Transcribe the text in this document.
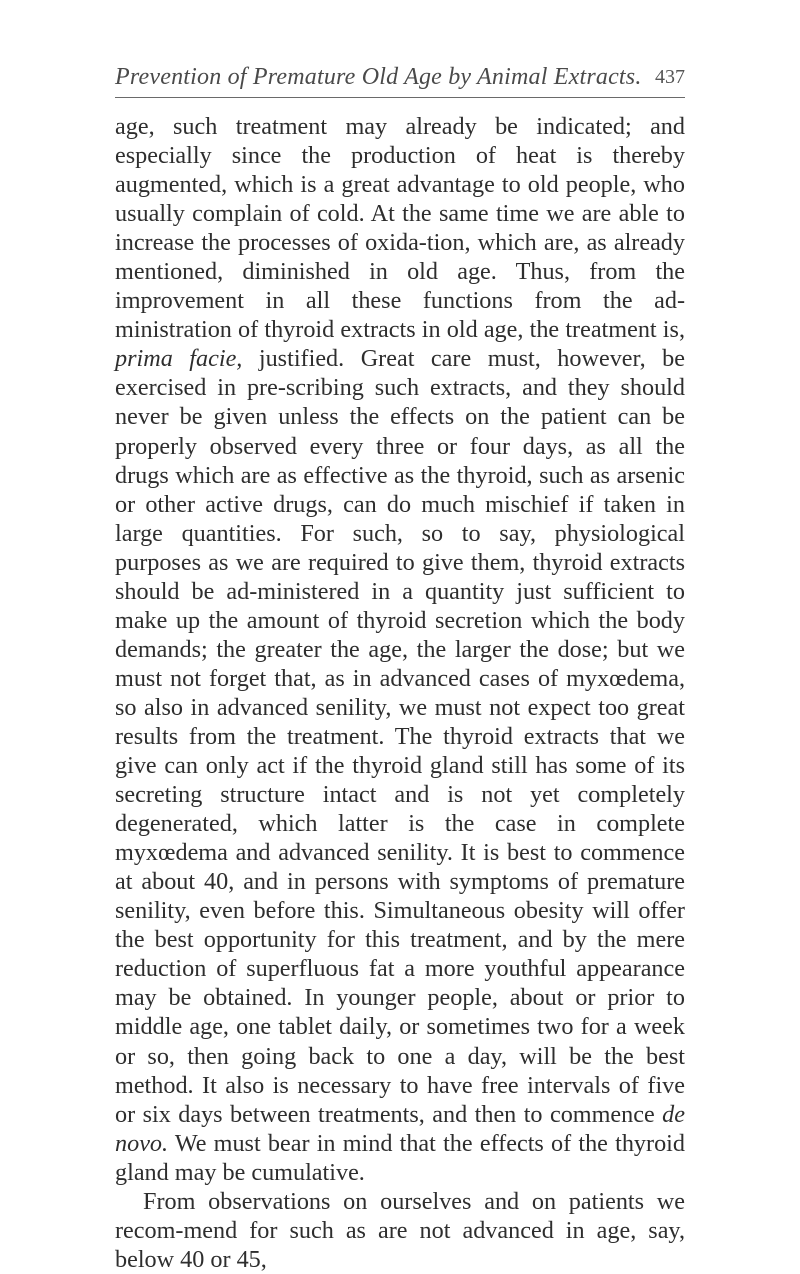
Prevention of Premature Old Age by Animal Extracts. 437

age, such treatment may already be indicated; and especially since the production of heat is thereby augmented, which is a great advantage to old people, who usually complain of cold. At the same time we are able to increase the processes of oxida-tion, which are, as already mentioned, diminished in old age. Thus, from the improvement in all these functions from the ad-ministration of thyroid extracts in old age, the treatment is, prima facie, justified. Great care must, however, be exercised in pre-scribing such extracts, and they should never be given unless the effects on the patient can be properly observed every three or four days, as all the drugs which are as effective as the thyroid, such as arsenic or other active drugs, can do much mischief if taken in large quantities. For such, so to say, physiological purposes as we are required to give them, thyroid extracts should be ad-ministered in a quantity just sufficient to make up the amount of thyroid secretion which the body demands; the greater the age, the larger the dose; but we must not forget that, as in advanced cases of myxœdema, so also in advanced senility, we must not expect too great results from the treatment. The thyroid extracts that we give can only act if the thyroid gland still has some of its secreting structure intact and is not yet completely degenerated, which latter is the case in complete myxœdema and advanced senility. It is best to commence at about 40, and in persons with symptoms of premature senility, even before this. Simultaneous obesity will offer the best opportunity for this treatment, and by the mere reduction of superfluous fat a more youthful appearance may be obtained. In younger people, about or prior to middle age, one tablet daily, or sometimes two for a week or so, then going back to one a day, will be the best method. It also is necessary to have free intervals of five or six days between treatments, and then to commence de novo. We must bear in mind that the effects of the thyroid gland may be cumulative.

From observations on ourselves and on patients we recom-mend for such as are not advanced in age, say, below 40 or 45,
